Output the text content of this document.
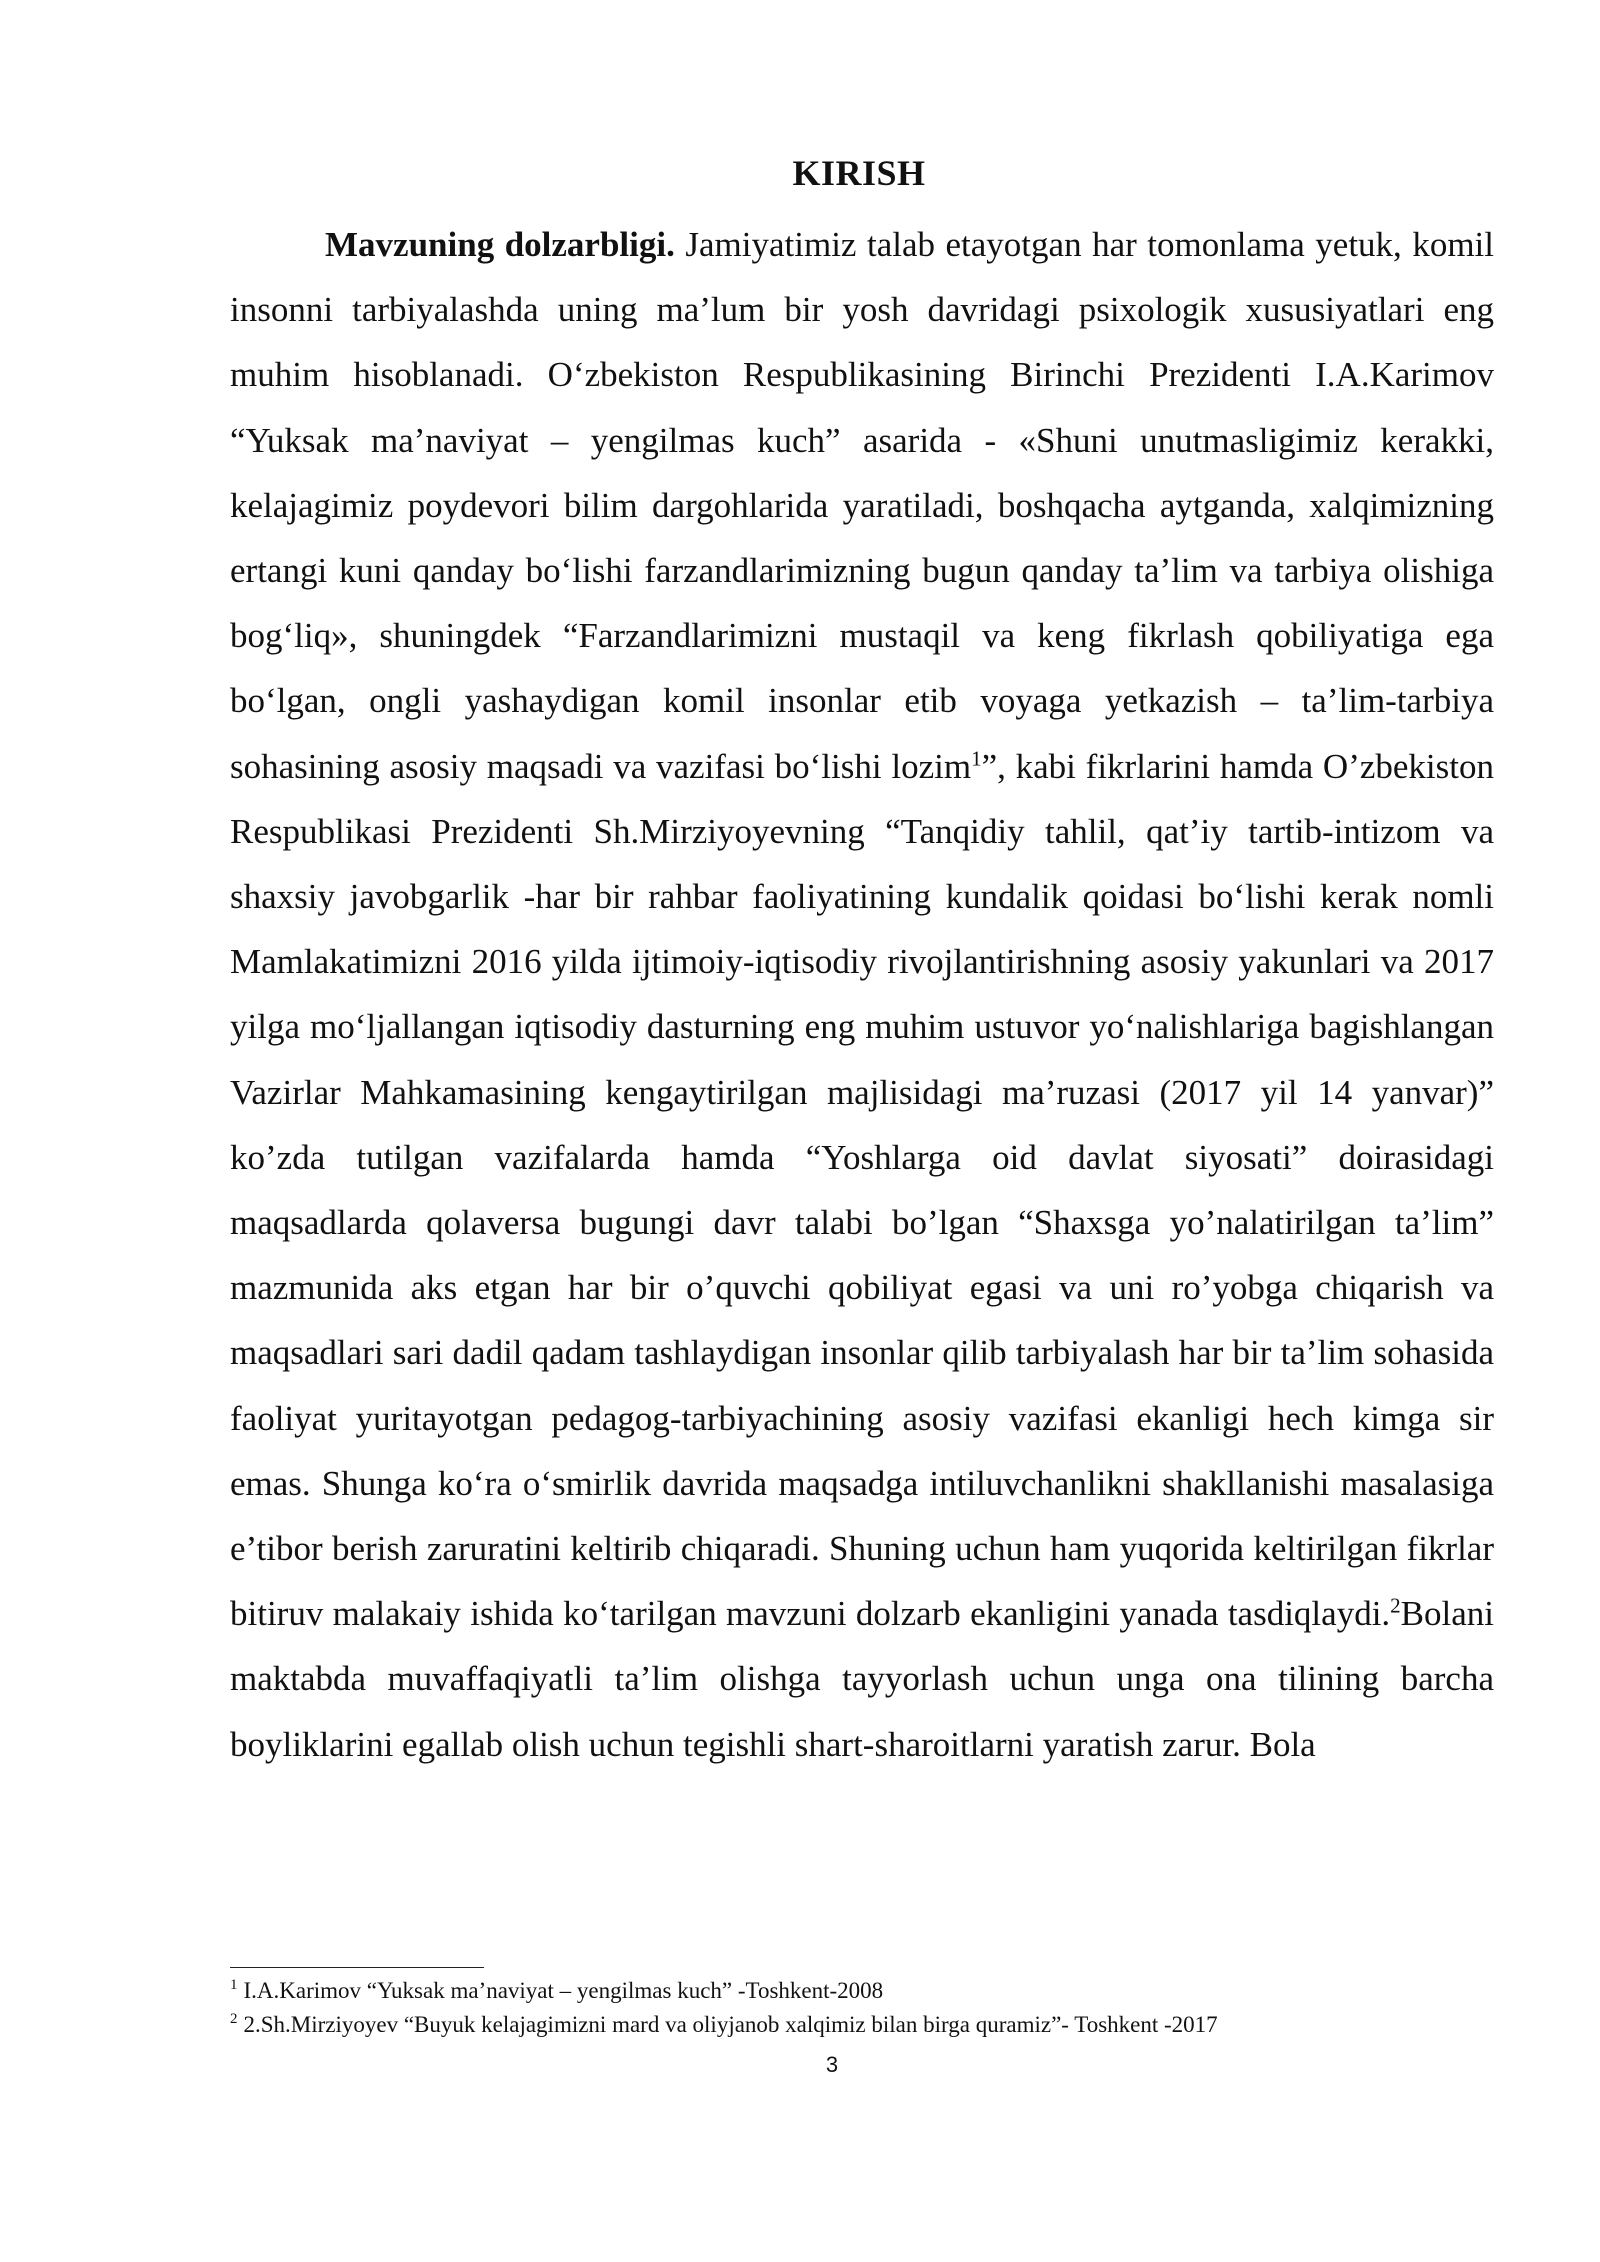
KIRISH

Mavzuning dolzarbligi. Jamiyatimiz talab etayotgan har tomonlama yetuk, komil insonni tarbiyalashda uning ma’lum bir yosh davridagi psixologik xususiyatlari eng muhim hisoblanadi. O‘zbekiston Respublikasining Birinchi Prezidenti I.A.Karimov “Yuksak ma’naviyat – yengilmas kuch” asarida - «Shuni unutmasligimiz kerakki, kelajagimiz poydevori bilim dargohlarida yaratiladi, boshqacha aytganda, xalqimizning ertangi kuni qanday bo‘lishi farzandlarimizning bugun qanday ta’lim va tarbiya olishiga bog‘liq», shuningdek “Farzandlarimizni mustaqil va keng fikrlash qobiliyatiga ega bo‘lgan, ongli yashaydigan komil insonlar etib voyaga yetkazish – ta’lim-tarbiya sohasining asosiy maqsadi va vazifasi bo‘lishi lozim$^1$”, kabi fikrlarini hamda O’zbekiston Respublikasi Prezidenti Sh.Mirziyoyevning “Tanqidiy tahlil, qat’iy tartib-intizom va shaxsiy javobgarlik -har bir rahbar faoliyatining kundalik qoidasi bo‘lishi kerak nomli Mamlakatimizni 2016 yilda ijtimoiy-iqtisodiy rivojlantirishning asosiy yakunlari va 2017 yilga mo‘ljallangan iqtisodiy dasturning eng muhim ustuvor yo‘nalishlariga bagishlangan Vazirlar Mahkamasining kengaytirilgan majlisidagi ma’ruzasi (2017 yil 14 yanvar)” ko’zda tutilgan vazifalarda hamda “Yoshlarga oid davlat siyosati” doirasidagi maqsadlarda qolaversa bugungi davr talabi bo’lgan “Shaxsga yo’nalatirilgan ta’lim” mazmunida aks etgan har bir o’quvchi qobiliyat egasi va uni ro’yobga chiqarish va maqsadlari sari dadil qadam tashlaydigan insonlar qilib tarbiyalash har bir ta’lim sohasida faoliyat yuritayotgan pedagog-tarbiyachining asosiy vazifasi ekanligi hech kimga sir emas. Shunga ko‘ra o‘smirlik davrida maqsadga intiluvchanlikni shakllanishi masalasiga e’tibor berish zaruratini keltirib chiqaradi. Shuning uchun ham yuqorida keltirilgan fikrlar bitiruv malakaiy ishida ko‘tarilgan mavzuni dolzarb ekanligini yanada tasdiqlaydi.$^2$Bolani maktabda muvaffaqiyatli ta’lim olishga tayyorlash uchun unga ona tilining barcha boyliklarini egallab olish uchun tegishli shart-sharoitlarni yaratish zarur. Bola

$^1$ I.A.Karimov “Yuksak ma’naviyat – yengilmas kuch” -Toshkent-2008

$^2$ 2.Sh.Mirziyoyev “Buyuk kelajagimizni mard va oliyjanob xalqimiz bilan birga quramiz”- Toshkent -2017

3
